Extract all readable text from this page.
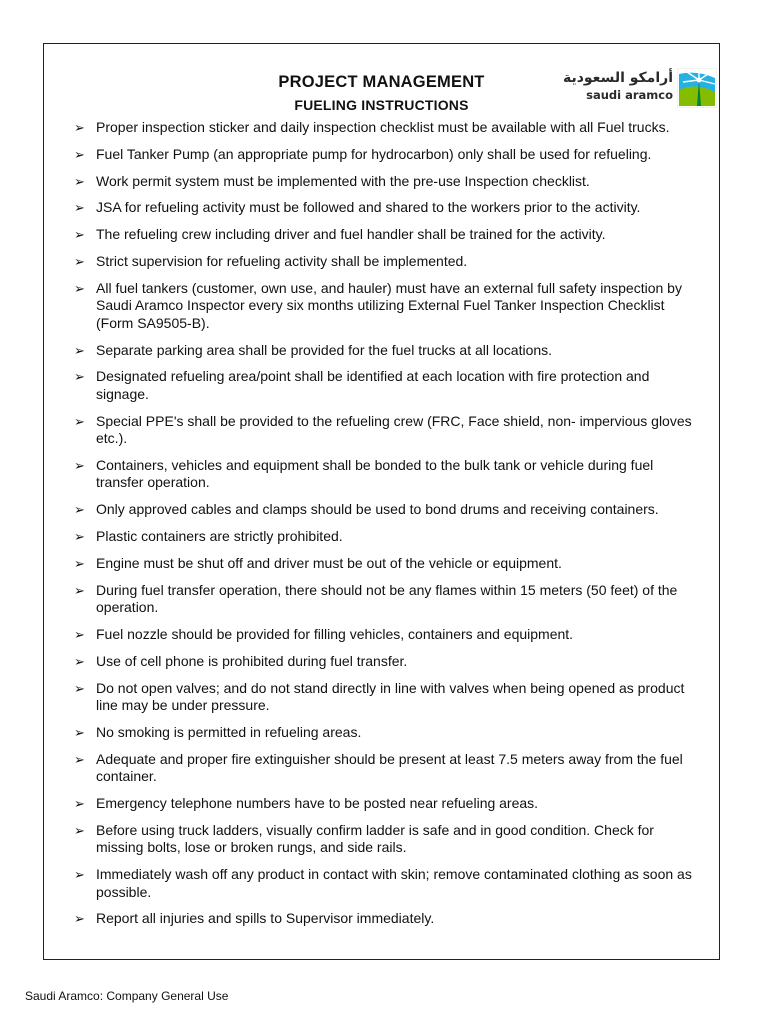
PROJECT MANAGEMENT
FUELING INSTRUCTIONS
أرامكو السعودية
saudi aramco
➢ Proper inspection sticker and daily inspection checklist must be available with all Fuel trucks.
➢ Fuel Tanker Pump (an appropriate pump for hydrocarbon) only shall be used for refueling.
➢ Work permit system must be implemented with the pre-use Inspection checklist.
➢ JSA for refueling activity must be followed and shared to the workers prior to the activity.
➢ The refueling crew including driver and fuel handler shall be trained for the activity.
➢ Strict supervision for refueling activity shall be implemented.
➢ All fuel tankers (customer, own use, and hauler) must have an external full safety inspection by Saudi Aramco Inspector every six months utilizing External Fuel Tanker Inspection Checklist (Form SA9505-B).
➢ Separate parking area shall be provided for the fuel trucks at all locations.
➢ Designated refueling area/point shall be identified at each location with fire protection and signage.
➢ Special PPE's shall be provided to the refueling crew (FRC, Face shield, non- impervious gloves etc.).
➢ Containers, vehicles and equipment shall be bonded to the bulk tank or vehicle during fuel transfer operation.
➢ Only approved cables and clamps should be used to bond drums and receiving containers.
➢ Plastic containers are strictly prohibited.
➢ Engine must be shut off and driver must be out of the vehicle or equipment.
➢ During fuel transfer operation, there should not be any flames within 15 meters (50 feet) of the operation.
➢ Fuel nozzle should be provided for filling vehicles, containers and equipment.
➢ Use of cell phone is prohibited during fuel transfer.
➢ Do not open valves; and do not stand directly in line with valves when being opened as product line may be under pressure.
➢ No smoking is permitted in refueling areas.
➢ Adequate and proper fire extinguisher should be present at least 7.5 meters away from the fuel container.
➢ Emergency telephone numbers have to be posted near refueling areas.
➢ Before using truck ladders, visually confirm ladder is safe and in good condition. Check for missing bolts, lose or broken rungs, and side rails.
➢ Immediately wash off any product in contact with skin; remove contaminated clothing as soon as possible.
➢ Report all injuries and spills to Supervisor immediately.
Saudi Aramco: Company General Use
